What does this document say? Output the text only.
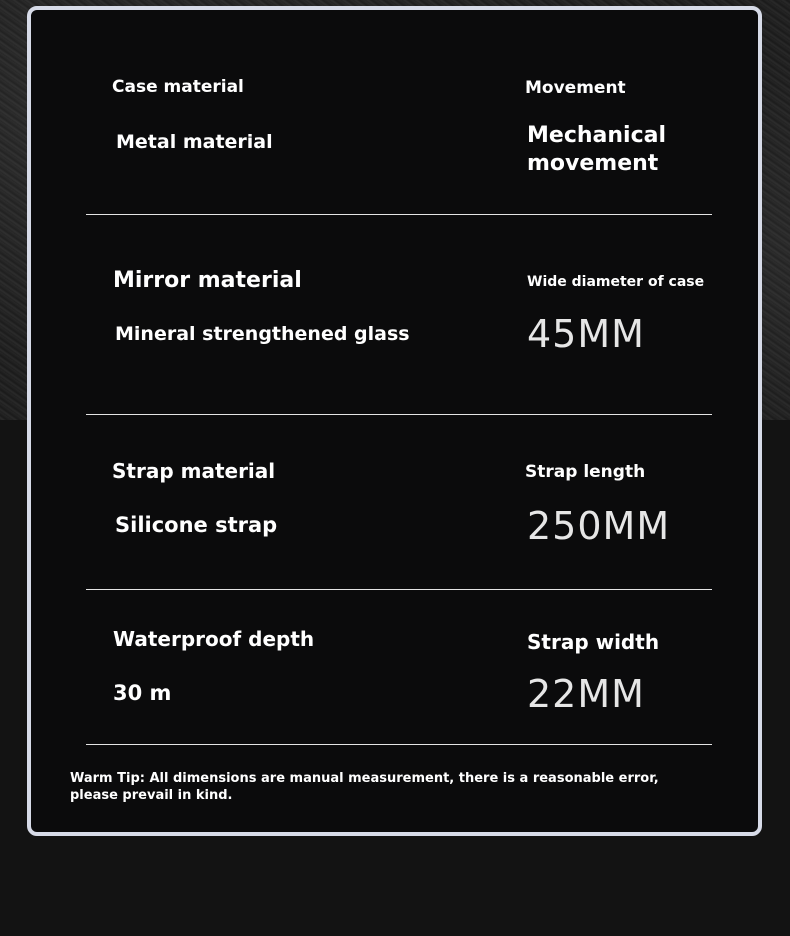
Case material
Metal material
Movement
Mechanical movement
Mirror material
Mineral strengthened glass
Wide diameter of case
45MM
Strap material
Silicone strap
Strap length
250MM
Waterproof depth
30 m
Strap width
22MM
Warm Tip: All dimensions are manual measurement, there is a reasonable error, please prevail in kind.
